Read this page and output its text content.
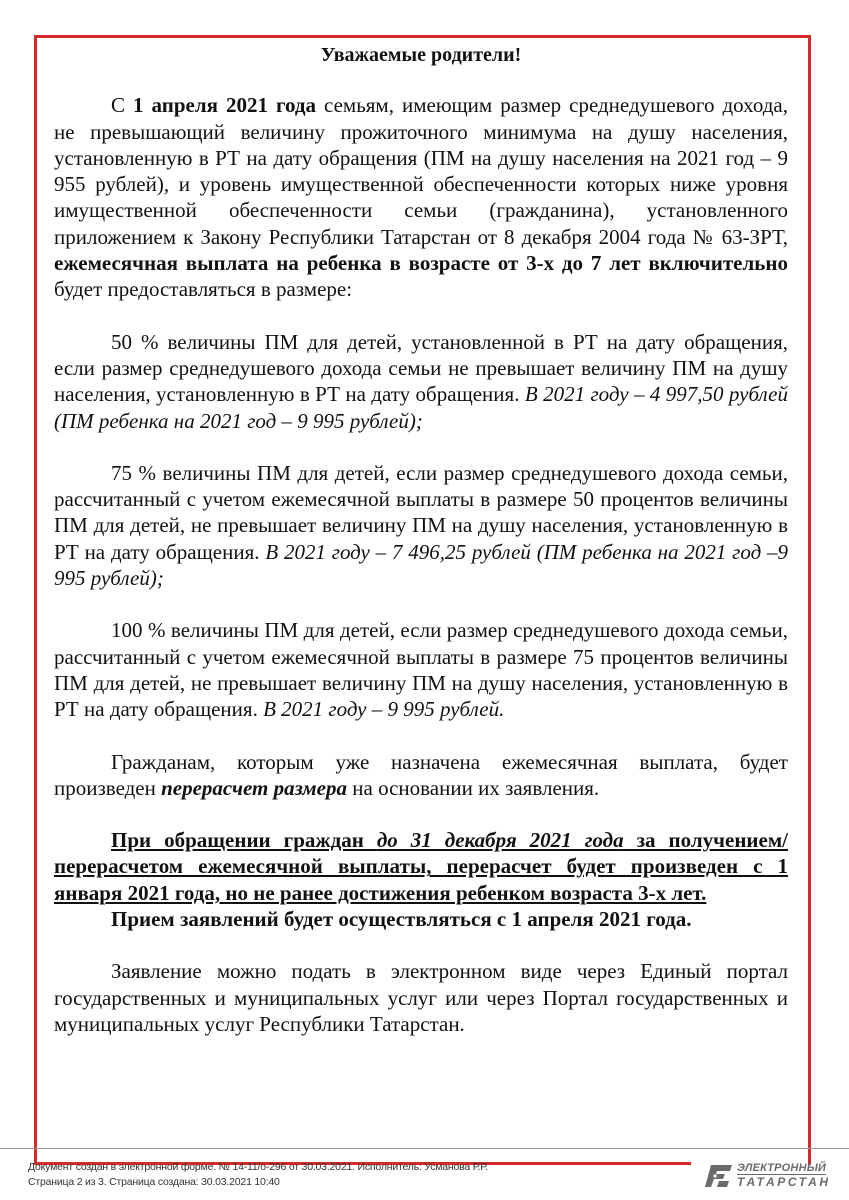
Уважаемые родители!

С 1 апреля 2021 года семьям, имеющим размер среднедушевого дохода, не превышающий величину прожиточного минимума на душу населения, установленную в РТ на дату обращения (ПМ на душу населения на 2021 год – 9 955 рублей), и уровень имущественной обеспеченности которых ниже уровня имущественной обеспеченности семьи (гражданина), установленного приложением к Закону Республики Татарстан от 8 декабря 2004 года № 63-ЗРТ, ежемесячная выплата на ребенка в возрасте от 3-х до 7 лет включительно будет предоставляться в размере:

50 % величины ПМ для детей, установленной в РТ на дату обращения, если размер среднедушевого дохода семьи не превышает величину ПМ на душу населения, установленную в РТ на дату обращения. В 2021 году – 4 997,50 рублей (ПМ ребенка на 2021 год – 9 995 рублей);

75 % величины ПМ для детей, если размер среднедушевого дохода семьи, рассчитанный с учетом ежемесячной выплаты в размере 50 процентов величины ПМ для детей, не превышает величину ПМ на душу населения, установленную в РТ на дату обращения. В 2021 году – 7 496,25 рублей (ПМ ребенка на 2021 год –9 995 рублей);

100 % величины ПМ для детей, если размер среднедушевого дохода семьи, рассчитанный с учетом ежемесячной выплаты в размере 75 процентов величины ПМ для детей, не превышает величину ПМ на душу населения, установленную в РТ на дату обращения. В 2021 году – 9 995 рублей.

Гражданам, которым уже назначена ежемесячная выплата, будет произведен перерасчет размера на основании их заявления.

При обращении граждан до 31 декабря 2021 года за получением/перерасчетом ежемесячной выплаты, перерасчет будет произведен с 1 января 2021 года, но не ранее достижения ребенком возраста 3-х лет.

Прием заявлений будет осуществляться с 1 апреля 2021 года.

Заявление можно подать в электронном виде через Единый портал государственных и муниципальных услуг или через Портал государственных и муниципальных услуг Республики Татарстан.

Документ создан в электронной форме. № 14-11/о-296 от 30.03.2021. Исполнитель: Усманова Р.Р.
Страница 2 из 3. Страница создана: 30.03.2021 10:40
ЭЛЕКТРОННЫЙ
ТАТАРСТАН
